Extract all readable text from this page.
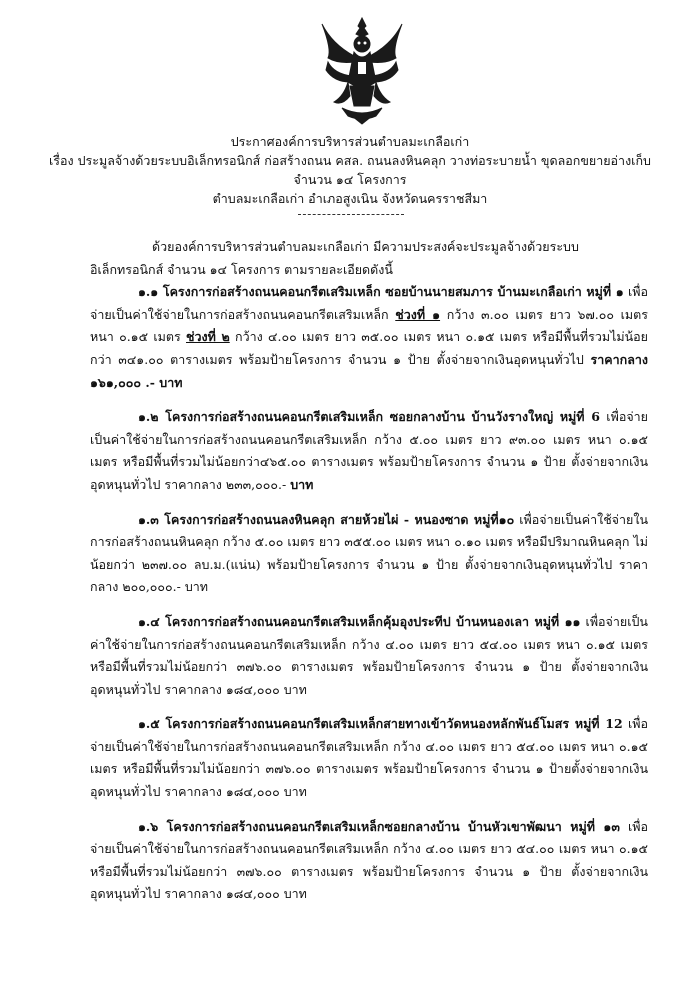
ประกาศองค์การบริหารส่วนตำบลมะเกลือเก่า
เรื่อง ประมูลจ้างด้วยระบบอิเล็กทรอนิกส์ ก่อสร้างถนน คสล. ถนนลงหินคลุก วางท่อระบายน้ำ ขุดลอกขยายอ่างเก็บ
จำนวน ๑๔ โครงการ
ตำบลมะเกลือเก่า อำเภอสูงเนิน จังหวัดนครราชสีมา

ด้วยองค์การบริหารส่วนตำบลมะเกลือเก่า มีความประสงค์จะประมูลจ้างด้วยระบบอิเล็กทรอนิกส์ จำนวน ๑๔ โครงการ ตามรายละเอียดดังนี้

๑.๑ โครงการก่อสร้างถนนคอนกรีตเสริมเหล็ก ซอยบ้านนายสมภาร บ้านมะเกลือเก่า หมู่ที่ ๑ เพื่อจ่ายเป็นค่าใช้จ่ายในการก่อสร้างถนนคอนกรีตเสริมเหล็ก ช่วงที่ ๑ กว้าง ๓.๐๐ เมตร ยาว ๖๗.๐๐ เมตร หนา ๐.๑๕ เมตร ช่วงที่ ๒ กว้าง ๔.๐๐ เมตร ยาว ๓๕.๐๐ เมตร หนา ๐.๑๕ เมตร หรือมีพื้นที่รวมไม่น้อยกว่า ๓๔๑.๐๐ ตารางเมตร พร้อมป้ายโครงการ จำนวน ๑ ป้าย ตั้งจ่ายจากเงินอุดหนุนทั่วไป ราคากลาง ๑๖๑,๐๐๐ .- บาท

๑.๒ โครงการก่อสร้างถนนคอนกรีตเสริมเหล็ก ซอยกลางบ้าน บ้านวังรางใหญ่ หมู่ที่ 6 เพื่อจ่ายเป็นค่าใช้จ่ายในการก่อสร้างถนนคอนกรีตเสริมเหล็ก กว้าง ๕.๐๐ เมตร ยาว ๙๓.๐๐ เมตร หนา ๐.๑๕ เมตร หรือมีพื้นที่รวมไม่น้อยกว่า๔๖๕.๐๐ ตารางเมตร พร้อมป้ายโครงการ จำนวน ๑ ป้าย ตั้งจ่ายจากเงินอุดหนุนทั่วไป ราคากลาง ๒๓๓,๐๐๐.- บาท

๑.๓ โครงการก่อสร้างถนนลงหินคลุก สายห้วยไผ่ - หนองซาด หมู่ที่๑๐ เพื่อจ่ายเป็นค่าใช้จ่ายในการก่อสร้างถนนหินคลุก กว้าง ๕.๐๐ เมตร ยาว ๓๕๕.๐๐ เมตร หนา ๐.๑๐ เมตร หรือมีปริมาณหินคลุก ไม่น้อยกว่า ๒๓๗.๐๐ ลบ.ม.(แน่น) พร้อมป้ายโครงการ จำนวน ๑ ป้าย ตั้งจ่ายจากเงินอุดหนุนทั่วไป ราคากลาง ๒๐๐,๐๐๐.- บาท

๑.๔ โครงการก่อสร้างถนนคอนกรีตเสริมเหล็กคุ้มอุงประทีป บ้านหนองเลา หมู่ที่ ๑๑ เพื่อจ่ายเป็นค่าใช้จ่ายในการก่อสร้างถนนคอนกรีตเสริมเหล็ก กว้าง ๔.๐๐ เมตร ยาว ๕๔.๐๐ เมตร หนา ๐.๑๕ เมตร หรือมีพื้นที่รวมไม่น้อยกว่า ๓๗๖.๐๐ ตารางเมตร พร้อมป้ายโครงการ จำนวน ๑ ป้าย ตั้งจ่ายจากเงินอุดหนุนทั่วไป ราคากลาง ๑๘๔,๐๐๐ บาท

๑.๕ โครงการก่อสร้างถนนคอนกรีตเสริมเหล็กสายทางเข้าวัดหนองหลักพันธ์โมสร หมู่ที่ 12 เพื่อจ่ายเป็นค่าใช้จ่ายในการก่อสร้างถนนคอนกรีตเสริมเหล็ก กว้าง ๔.๐๐ เมตร ยาว ๕๔.๐๐ เมตร หนา ๐.๑๕ เมตร หรือมีพื้นที่รวมไม่น้อยกว่า ๓๗๖.๐๐ ตารางเมตร พร้อมป้ายโครงการ จำนวน ๑ ป้ายตั้งจ่ายจากเงินอุดหนุนทั่วไป ราคากลาง ๑๘๔,๐๐๐ บาท

๑.๖ โครงการก่อสร้างถนนคอนกรีตเสริมเหล็กซอยกลางบ้าน บ้านหัวเขาพัฒนา หมู่ที่ ๑๓ เพื่อจ่ายเป็นค่าใช้จ่ายในการก่อสร้างถนนคอนกรีตเสริมเหล็ก กว้าง ๔.๐๐ เมตร ยาว ๕๔.๐๐ เมตร หนา ๐.๑๕ หรือมีพื้นที่รวมไม่น้อยกว่า ๓๗๖.๐๐ ตารางเมตร พร้อมป้ายโครงการ จำนวน ๑ ป้าย ตั้งจ่ายจากเงินอุดหนุนทั่วไป ราคากลาง ๑๘๔,๐๐๐ บาท
